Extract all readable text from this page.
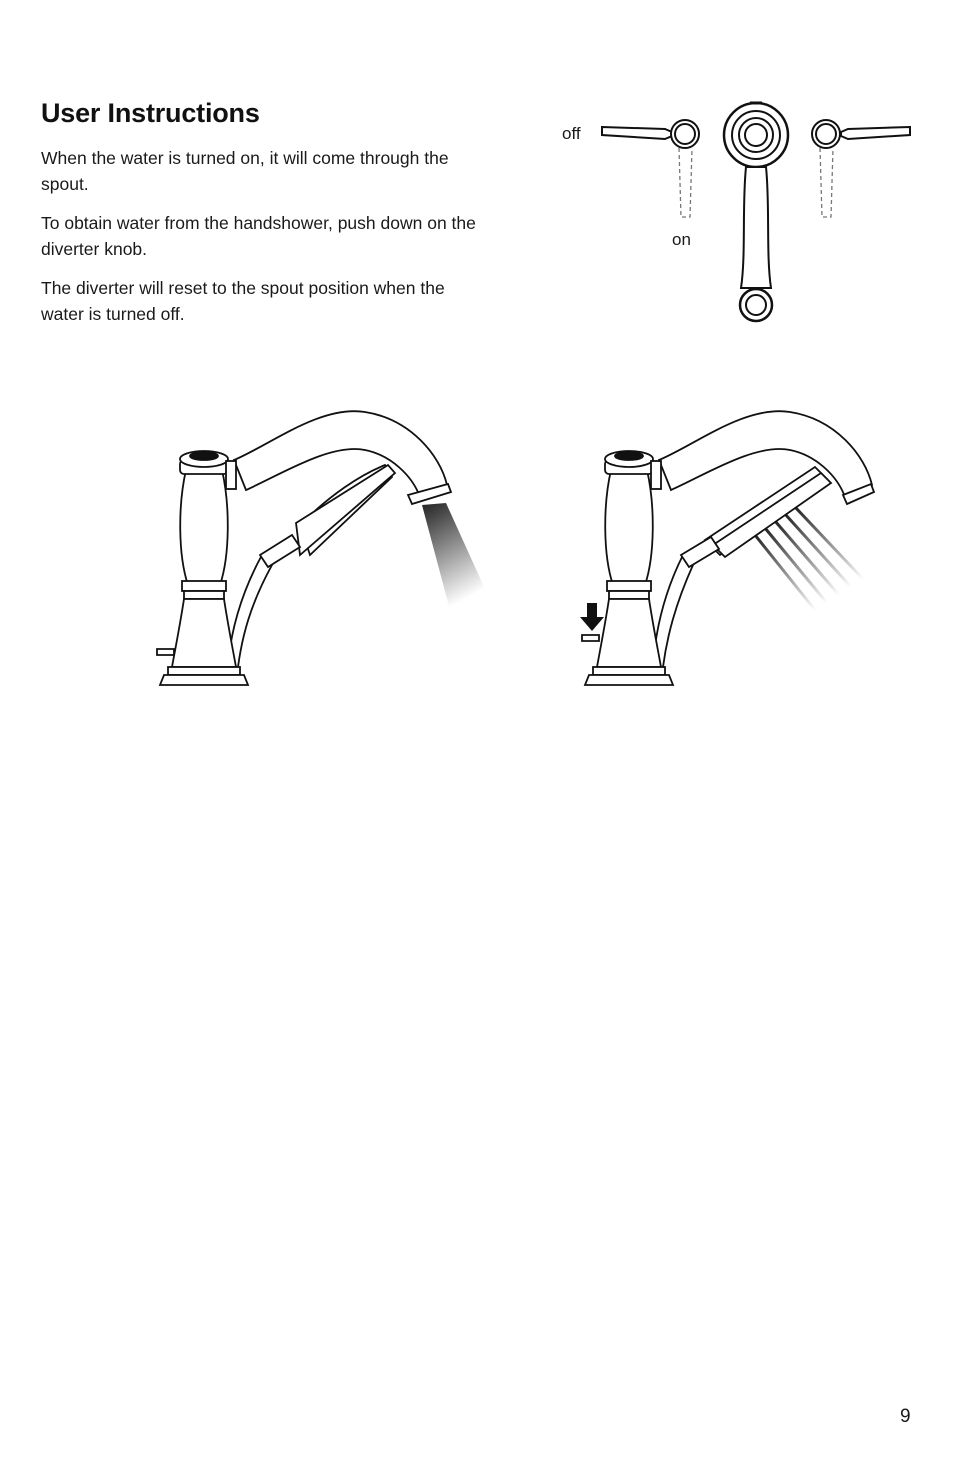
User Instructions

When the water is turned on, it will come through the spout.

To obtain water from the handshower, push down on the diverter knob.

The diverter will reset to the spout position when the water is turned off.

off
on
9
